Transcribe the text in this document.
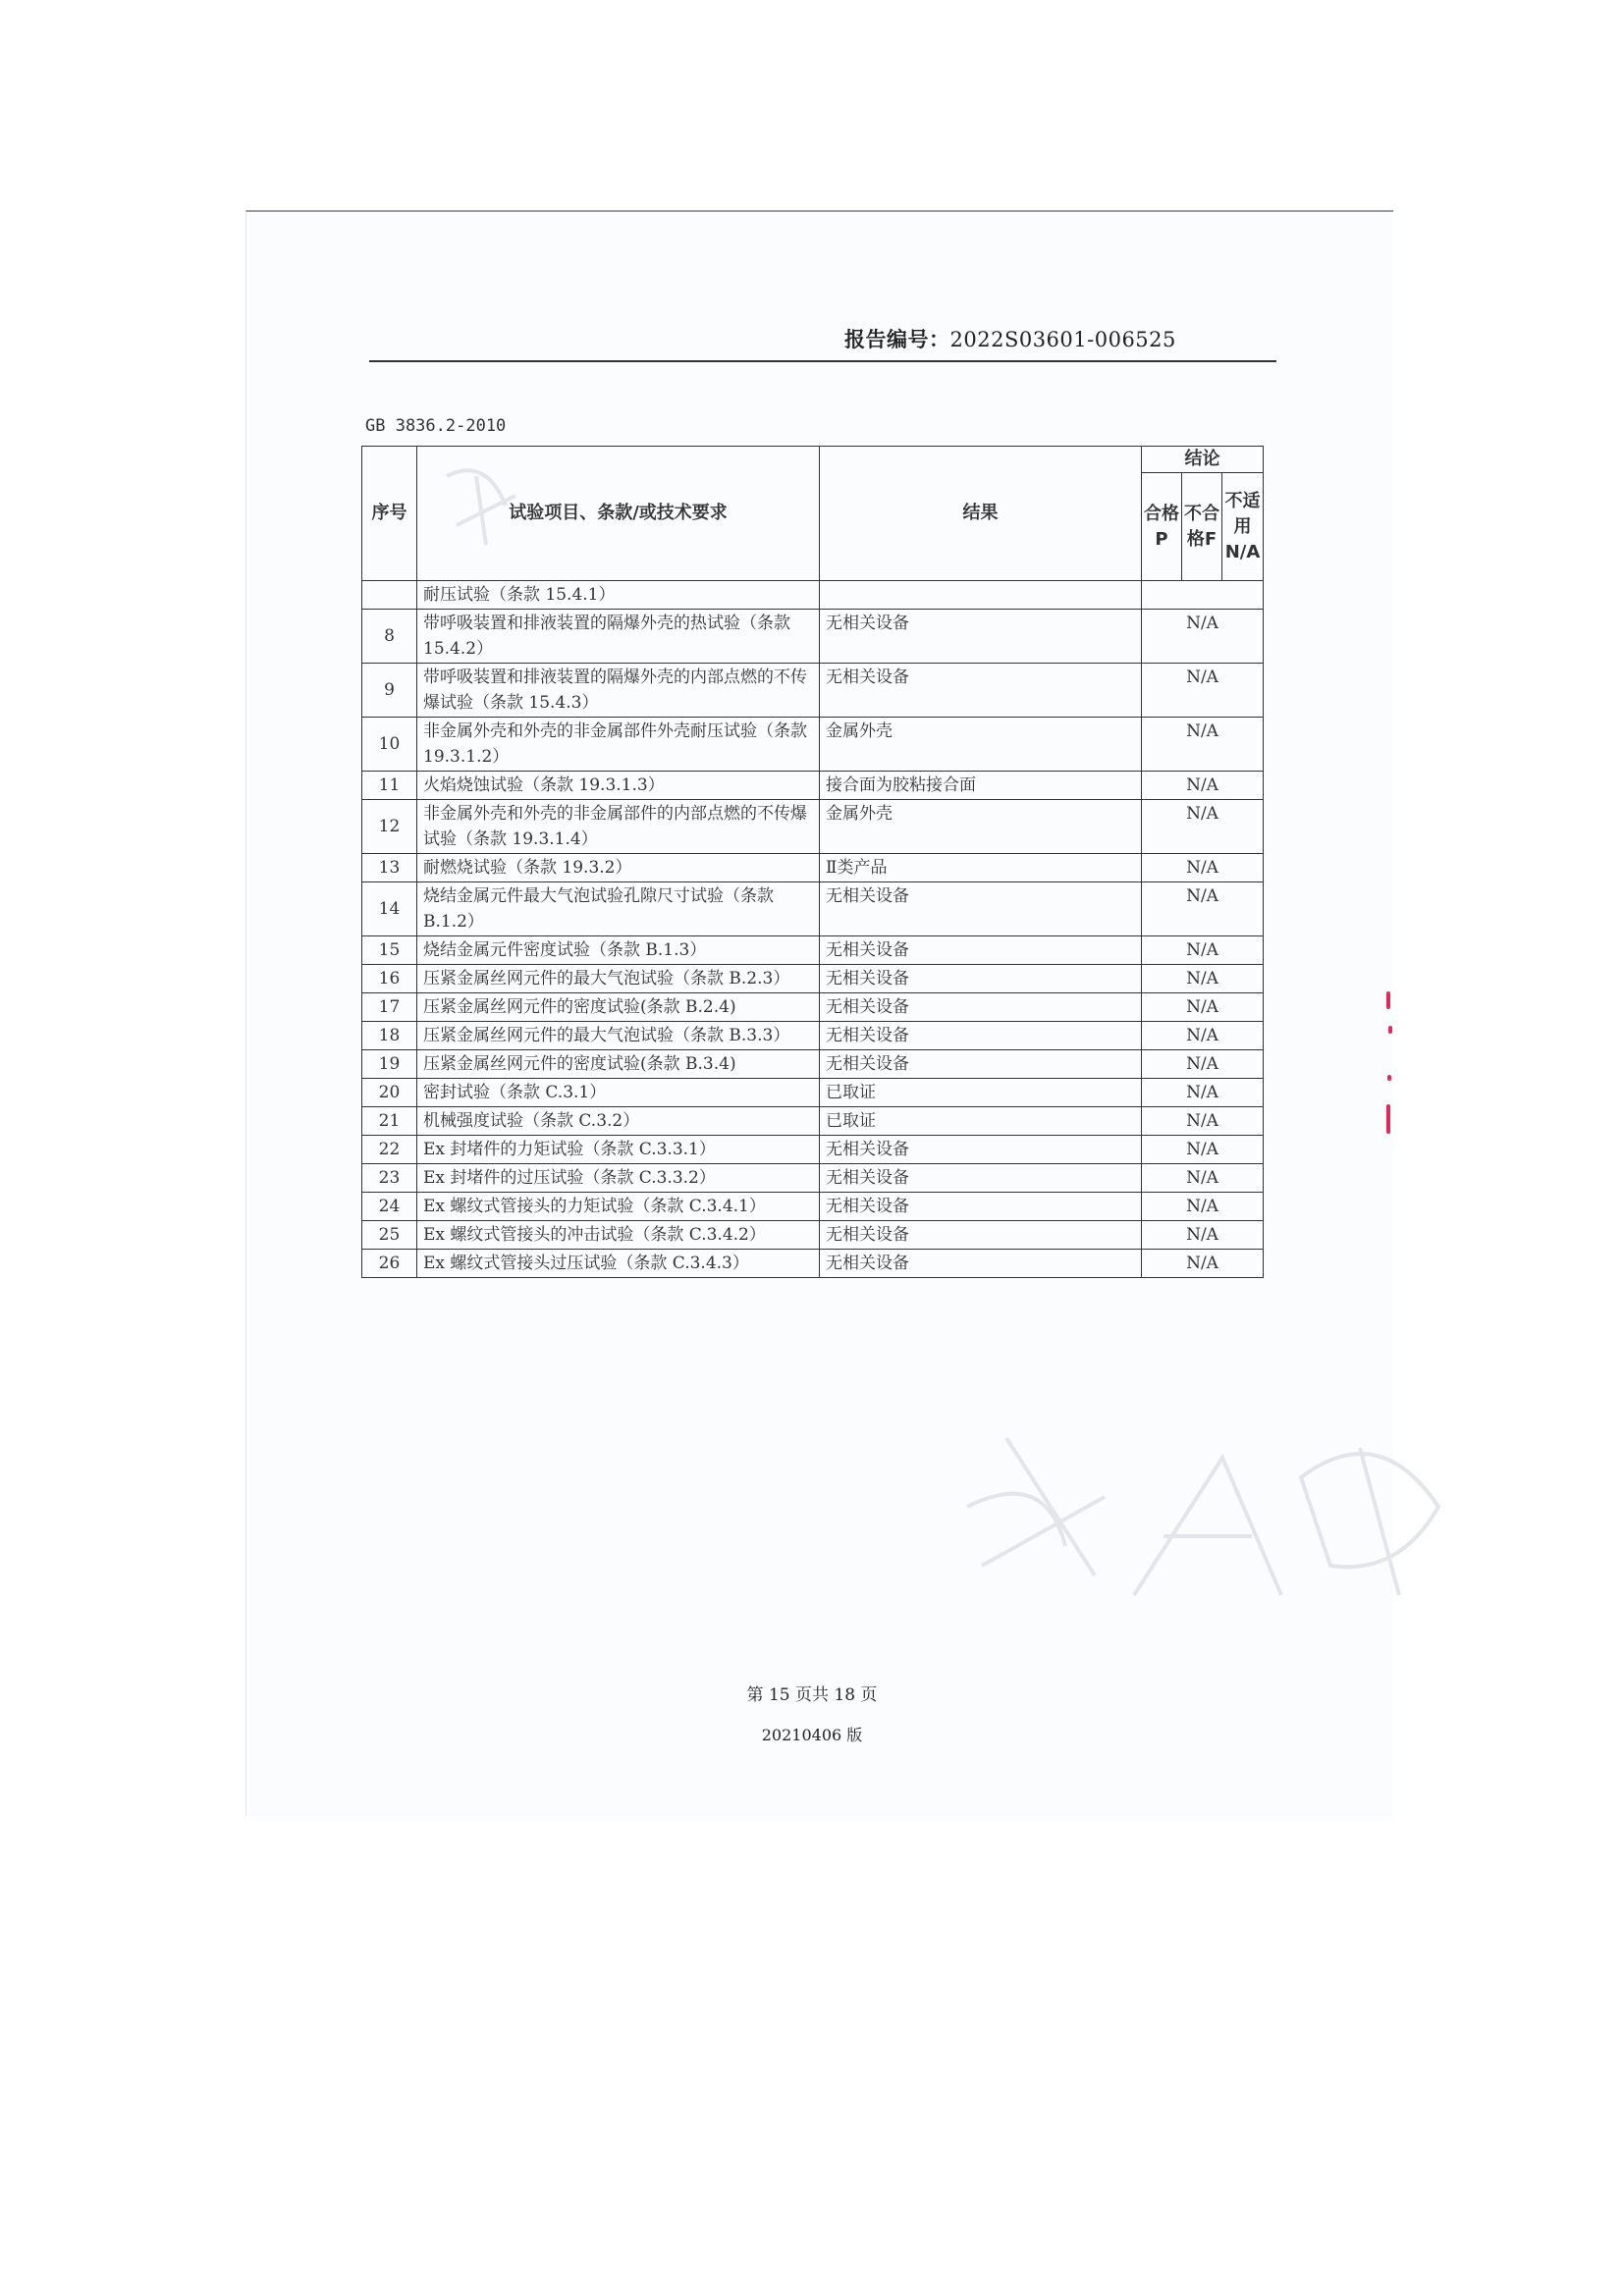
报告编号：2022S03601-006525
GB 3836.2-2010
序号	试验项目、条款/或技术要求	结果	结论		
			合格P	不合格F	不适用N/A
	耐压试验（条款 15.4.1）				
8	带呼吸装置和排液装置的隔爆外壳的热试验（条款 15.4.2）	无相关设备	N/A		
9	带呼吸装置和排液装置的隔爆外壳的内部点燃的不传爆试验（条款 15.4.3）	无相关设备	N/A		
10	非金属外壳和外壳的非金属部件外壳耐压试验（条款 19.3.1.2）	金属外壳	N/A		
11	火焰烧蚀试验（条款 19.3.1.3）	接合面为胶粘接合面	N/A		
12	非金属外壳和外壳的非金属部件的内部点燃的不传爆试验（条款 19.3.1.4）	金属外壳	N/A		
13	耐燃烧试验（条款 19.3.2）	Ⅱ类产品	N/A		
14	烧结金属元件最大气泡试验孔隙尺寸试验（条款 B.1.2）	无相关设备	N/A		
15	烧结金属元件密度试验（条款 B.1.3）	无相关设备	N/A		
16	压紧金属丝网元件的最大气泡试验（条款 B.2.3）	无相关设备	N/A		
17	压紧金属丝网元件的密度试验(条款 B.2.4)	无相关设备	N/A		
18	压紧金属丝网元件的最大气泡试验（条款 B.3.3）	无相关设备	N/A		
19	压紧金属丝网元件的密度试验(条款 B.3.4)	无相关设备	N/A		
20	密封试验（条款 C.3.1）	已取证	N/A		
21	机械强度试验（条款 C.3.2）	已取证	N/A		
22	Ex 封堵件的力矩试验（条款 C.3.3.1）	无相关设备	N/A		
23	Ex 封堵件的过压试验（条款 C.3.3.2）	无相关设备	N/A		
24	Ex 螺纹式管接头的力矩试验（条款 C.3.4.1）	无相关设备	N/A		
25	Ex 螺纹式管接头的冲击试验（条款 C.3.4.2）	无相关设备	N/A		
26	Ex 螺纹式管接头过压试验（条款 C.3.4.3）	无相关设备	N/A		
第 15 页共 18 页
20210406 版
